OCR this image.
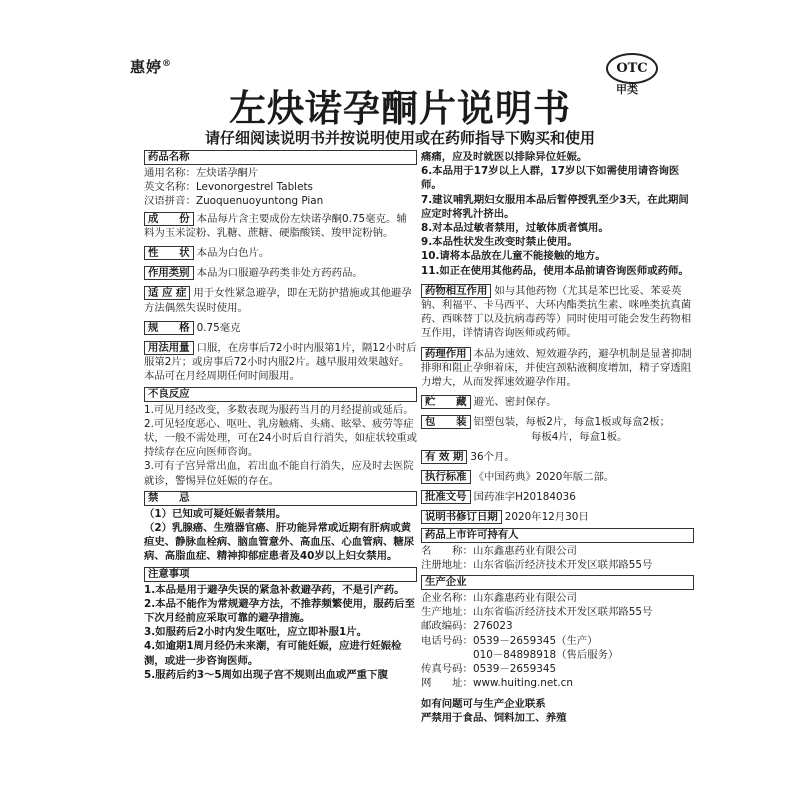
惠婷®	OTC
甲类
左炔诺孕酮片说明书
请仔细阅读说明书并按说明使用或在药师指导下购买和使用
药品名称
通用名称：左炔诺孕酮片
英文名称：Levonorgestrel Tablets
汉语拼音：Zuoquenuoyuntong Pian
成　　份 本品每片含主要成份左炔诺孕酮0.75毫克。辅料为玉米淀粉、乳糖、蔗糖、硬脂酸镁、羧甲淀粉钠。
性　　状 本品为白色片。
作用类别 本品为口服避孕药类非处方药药品。
适 应 症 用于女性紧急避孕，即在无防护措施或其他避孕方法偶然失误时使用。
规　　格 0.75毫克
用法用量 口服，在房事后72小时内服第1片，隔12小时后服第2片；或房事后72小时内服2片。越早服用效果越好。本品可在月经周期任何时间服用。
不良反应
1.可见月经改变，多数表现为服药当月的月经提前或延后。
2.可见轻度恶心、呕吐、乳房触痛、头痛、眩晕、疲劳等症状，一般不需处理，可在24小时后自行消失，如症状较重或持续存在应向医师咨询。
3.可有子宫异常出血，若出血不能自行消失，应及时去医院就诊，警惕异位妊娠的存在。
禁　　忌
（1）已知或可疑妊娠者禁用。
（2）乳腺癌、生殖器官癌、肝功能异常或近期有肝病或黄疸史、静脉血栓病、脑血管意外、高血压、心血管病、糖尿病、高脂血症、精神抑郁症患者及40岁以上妇女禁用。
注意事项
1.本品是用于避孕失误的紧急补救避孕药，不是引产药。
2.本品不能作为常规避孕方法，不推荐频繁使用，服药后至下次月经前应采取可靠的避孕措施。
3.如服药后2小时内发生呕吐，应立即补服1片。
4.如逾期1周月经仍未来潮，有可能妊娠，应进行妊娠检测，或进一步咨询医师。
5.服药后约3～5周如出现子宫不规则出血或严重下腹
痛痛，应及时就医以排除异位妊娠。
6.本品用于17岁以上人群，17岁以下如需使用请咨询医师。
7.建议哺乳期妇女服用本品后暂停授乳至少3天，在此期间应定时将乳汁挤出。
8.对本品过敏者禁用，过敏体质者慎用。
9.本品性状发生改变时禁止使用。
10.请将本品放在儿童不能接触的地方。
11.如正在使用其他药品，使用本品前请咨询医师或药师。
药物相互作用 如与其他药物（尤其是苯巴比妥、苯妥英钠、利福平、卡马西平、大环内酯类抗生素、咪唑类抗真菌药、西咪替丁以及抗病毒药等）同时使用可能会发生药物相互作用，详情请咨询医师或药师。
药理作用 本品为速效、短效避孕药，避孕机制是显著抑制排卵和阻止孕卵着床，并使宫颈粘液稠度增加，精子穿透阻力增大，从而发挥速效避孕作用。
贮　　藏 避光、密封保存。
包　　装 铝塑包装，每板2片，每盒1板或每盒2板；
每板4片，每盒1板。
有 效 期 36个月。
执行标准 《中国药典》2020年版二部。
批准文号 国药准字H20184036
说明书修订日期 2020年12月30日
药品上市许可持有人
名　　称：山东鑫惠药业有限公司
注册地址：山东省临沂经济技术开发区联邦路55号
生产企业
企业名称：山东鑫惠药业有限公司
生产地址：山东省临沂经济技术开发区联邦路55号
邮政编码：276023
电话号码：0539－2659345（生产）
010－84898918（售后服务）
传真号码：0539－2659345
网　　址：www.huiting.net.cn
如有问题可与生产企业联系
严禁用于食品、饲料加工、养殖
